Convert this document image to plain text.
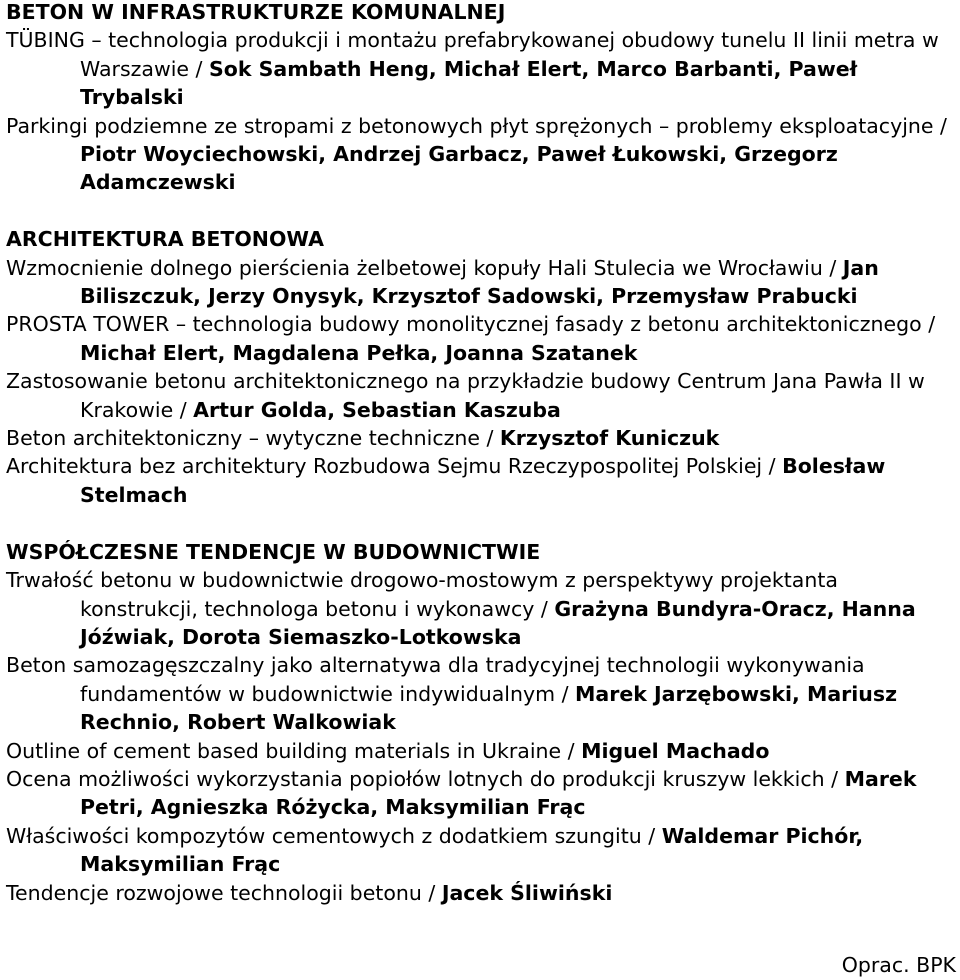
BETON W INFRASTRUKTURZE KOMUNALNEJ
TÜBING – technologia produkcji i montażu prefabrykowanej obudowy tunelu II linii metra w Warszawie / Sok Sambath Heng, Michał Elert, Marco Barbanti, Paweł Trybalski
Parkingi podziemne ze stropami z betonowych płyt sprężonych – problemy eksploatacyjne / Piotr Woyciechowski, Andrzej Garbacz, Paweł Łukowski, Grzegorz Adamczewski
ARCHITEKTURA BETONOWA
Wzmocnienie dolnego pierścienia żelbetowej kopuły Hali Stulecia we Wrocławiu / Jan Biliszczuk, Jerzy Onysyk, Krzysztof Sadowski, Przemysław Prabucki
PROSTA TOWER – technologia budowy monolitycznej fasady z betonu architektonicznego / Michał Elert, Magdalena Pełka, Joanna Szatanek
Zastosowanie betonu architektonicznego na przykładzie budowy Centrum Jana Pawła II w Krakowie / Artur Golda, Sebastian Kaszuba
Beton architektoniczny – wytyczne techniczne / Krzysztof Kuniczuk
Architektura bez architektury Rozbudowa Sejmu Rzeczypospolitej Polskiej / Bolesław Stelmach
WSPÓŁCZESNE TENDENCJE W BUDOWNICTWIE
Trwałość betonu w budownictwie drogowo‑mostowym z perspektywy projektanta konstrukcji, technologa betonu i wykonawcy / Grażyna Bundyra-Oracz, Hanna Jóźwiak, Dorota Siemaszko-Lotkowska
Beton samozagęszczalny jako alternatywa dla tradycyjnej technologii wykonywania fundamentów w budownictwie indywidualnym / Marek Jarzębowski, Mariusz Rechnio, Robert Walkowiak
Outline of cement based building materials in Ukraine / Miguel Machado
Ocena możliwości wykorzystania popiołów lotnych do produkcji kruszyw lekkich / Marek Petri, Agnieszka Różycka, Maksymilian Frąc
Właściwości kompozytów cementowych z dodatkiem szungitu / Waldemar Pichór, Maksymilian Frąc
Tendencje rozwojowe technologii betonu / Jacek Śliwiński
Oprac. BPK
